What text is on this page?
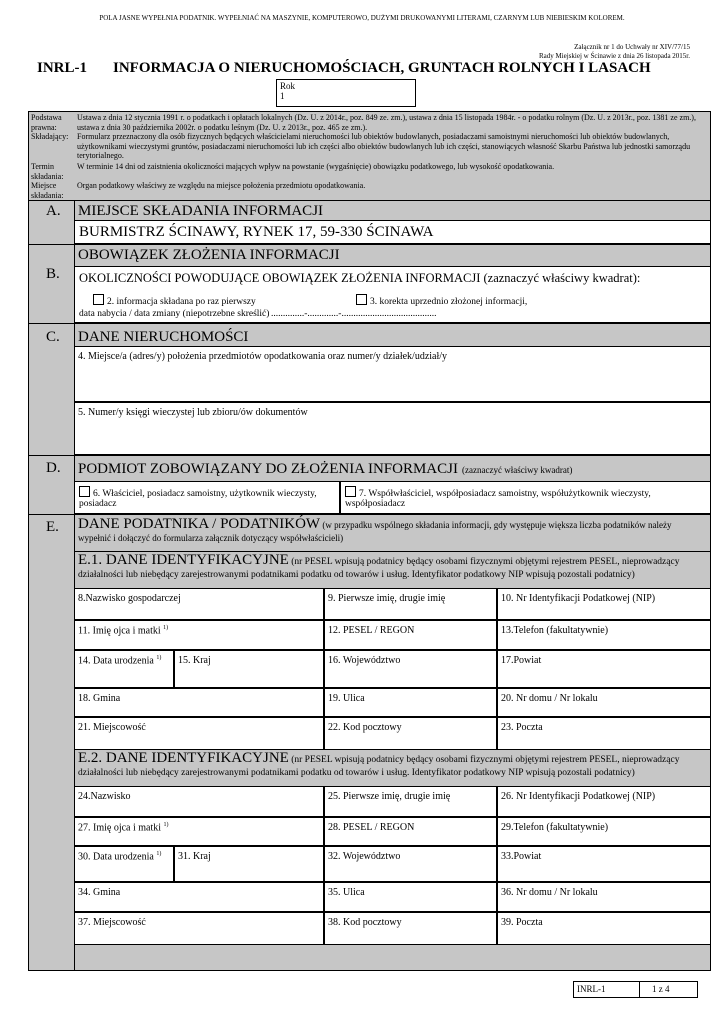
POLA JASNE WYPEŁNIA PODATNIK. WYPEŁNIAĆ NA MASZYNIE, KOMPUTEROWO, DUŻYMI DRUKOWANYMI LITERAMI, CZARNYM LUB NIEBIESKIM KOLOREM.
Załącznik nr 1 do Uchwały nr XIV/77/15
Rady Miejskiej w Ścinawie z dnia 26 listopada 2015r.
INRL-1 INFORMACJA O NIERUCHOMOŚCIACH, GRUNTACH ROLNYCH I LASACH
Rok
1
Podstawa prawna:
Ustawa z dnia 12 stycznia 1991 r. o podatkach i opłatach lokalnych (Dz. U. z 2014r., poz. 849 ze. zm.), ustawa z dnia 15 listopada 1984r. - o podatku rolnym (Dz. U. z 2013r., poz. 1381 ze zm.), ustawa z dnia 30 października 2002r. o podatku leśnym (Dz. U. z 2013r., poz. 465 ze zm.).
Składający:	Formularz przeznaczony dla osób fizycznych będących właścicielami nieruchomości lub obiektów budowlanych, posiadaczami samoistnymi nieruchomości lub obiektów budowlanych, użytkownikami wieczystymi gruntów, posiadaczami nieruchomości lub ich części albo obiektów budowlanych lub ich części, stanowiących własność Skarbu Państwa lub jednostki samorządu terytorialnego.
Termin składania:
W terminie 14 dni od zaistnienia okoliczności mających wpływ na powstanie (wygaśnięcie) obowiązku podatkowego, lub wysokość opodatkowania.
Miejsce składania:
Organ podatkowy właściwy ze względu na miejsce położenia przedmiotu opodatkowania.
A. MIEJSCE SKŁADANIA INFORMACJI
BURMISTRZ ŚCINAWY, RYNEK 17, 59-330 ŚCINAWA
B.
OBOWIĄZEK ZŁOŻENIA INFORMACJI
OKOLICZNOŚCI POWODUJĄCE OBOWIĄZEK ZŁOŻENIA INFORMACJI (zaznaczyć właściwy kwadrat):
2. informacja składana po raz pierwszy	3. korekta uprzednio złożonej informacji,
data nabycia / data zmiany (niepotrzebne skreślić) ..............-.............-........................................
C. DANE NIERUCHOMOŚCI
4. Miejsce/a (adres/y) położenia przedmiotów opodatkowania oraz numer/y działek/udział/y
5. Numer/y księgi wieczystej lub zbioru/ów dokumentów
D. PODMIOT ZOBOWIĄZANY DO ZŁOŻENIA INFORMACJI (zaznaczyć właściwy kwadrat)
6. Właściciel, posiadacz samoistny, użytkownik wieczysty, posiadacz
7. Współwłaściciel, współposiadacz samoistny, współużytkownik wieczysty, współposiadacz
E. DANE PODATNIKA / PODATNIKÓW (w przypadku wspólnego składania informacji, gdy występuje większa liczba podatników należy wypełnić i dołączyć do formularza załącznik dotyczący współwłaścicieli)
E.1. DANE IDENTYFIKACYJNE (nr PESEL wpisują podatnicy będący osobami fizycznymi objętymi rejestrem PESEL, nieprowadzący działalności lub niebędący zarejestrowanymi podatnikami podatku od towarów i usług. Identyfikator podatkowy NIP wpisują pozostali podatnicy)
8.Nazwisko gospodarczej	9. Pierwsze imię, drugie imię	10. Nr Identyfikacji Podatkowej (NIP)
11. Imię ojca i matki $^{1)}$	12. PESEL / REGON	13.Telefon (fakultatywnie)
14. Data urodzenia $^{1)}$	15. Kraj	16. Województwo	17.Powiat
18. Gmina	19. Ulica	20. Nr domu / Nr lokalu
21. Miejscowość	22. Kod pocztowy	23. Poczta
E.2. DANE IDENTYFIKACYJNE (nr PESEL wpisują podatnicy będący osobami fizycznymi objętymi rejestrem PESEL, nieprowadzący działalności lub niebędący zarejestrowanymi podatnikami podatku od towarów i usług. Identyfikator podatkowy NIP wpisują pozostali podatnicy)
24.Nazwisko	25. Pierwsze imię, drugie imię	26. Nr Identyfikacji Podatkowej (NIP)
27. Imię ojca i matki $^{1)}$	28. PESEL / REGON	29.Telefon (fakultatywnie)
30. Data urodzenia $^{1)}$	31. Kraj	32. Województwo	33.Powiat
34. Gmina	35. Ulica	36. Nr domu / Nr lokalu
37. Miejscowość	38. Kod pocztowy	39. Poczta
INRL-1	1 z 4
